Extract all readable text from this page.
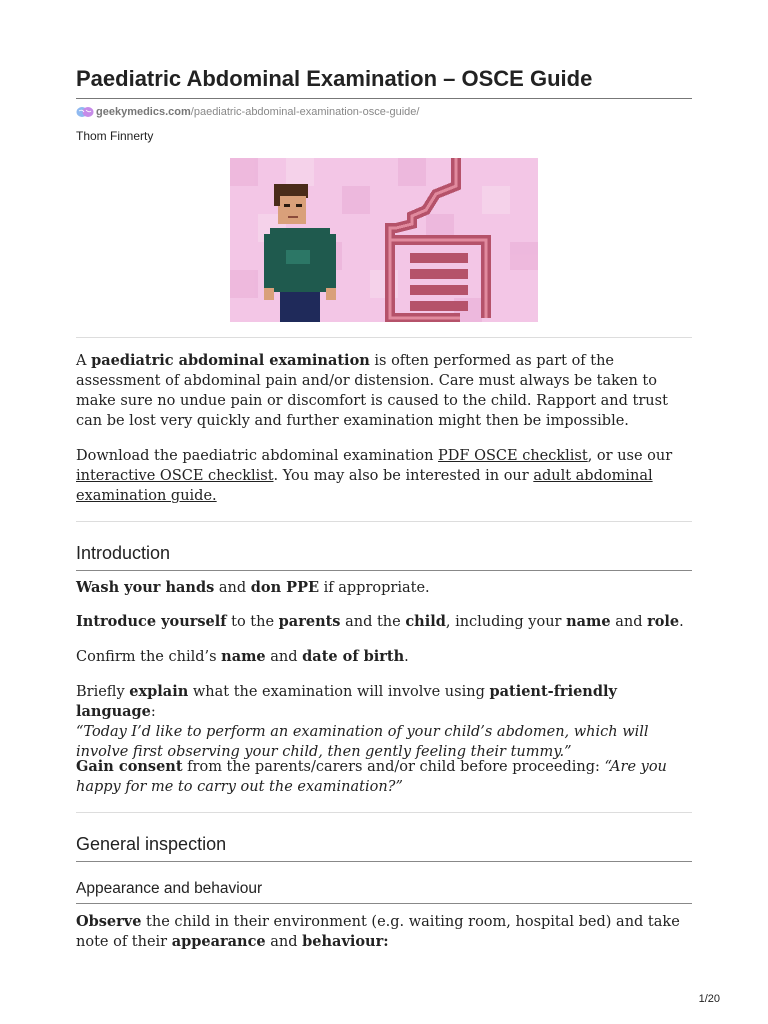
Paediatric Abdominal Examination – OSCE Guide
geekymedics.com /paediatric-abdominal-examination-osce-guide/
Thom Finnerty

A paediatric abdominal examination is often performed as part of the assessment of abdominal pain and/or distension. Care must always be taken to make sure no undue pain or discomfort is caused to the child. Rapport and trust can be lost very quickly and further examination might then be impossible.

Download the paediatric abdominal examination PDF OSCE checklist, or use our interactive OSCE checklist. You may also be interested in our adult abdominal examination guide.

Introduction

Wash your hands and don PPE if appropriate.

Introduce yourself to the parents and the child, including your name and role.

Confirm the child’s name and date of birth.

Briefly explain what the examination will involve using patient-friendly language:
“Today I’d like to perform an examination of your child’s abdomen, which will involve first observing your child, then gently feeling their tummy.”

Gain consent from the parents/carers and/or child before proceeding: “Are you happy for me to carry out the examination?”

General inspection
Appearance and behaviour

Observe the child in their environment (e.g. waiting room, hospital bed) and take note of their appearance and behaviour:

1/20
